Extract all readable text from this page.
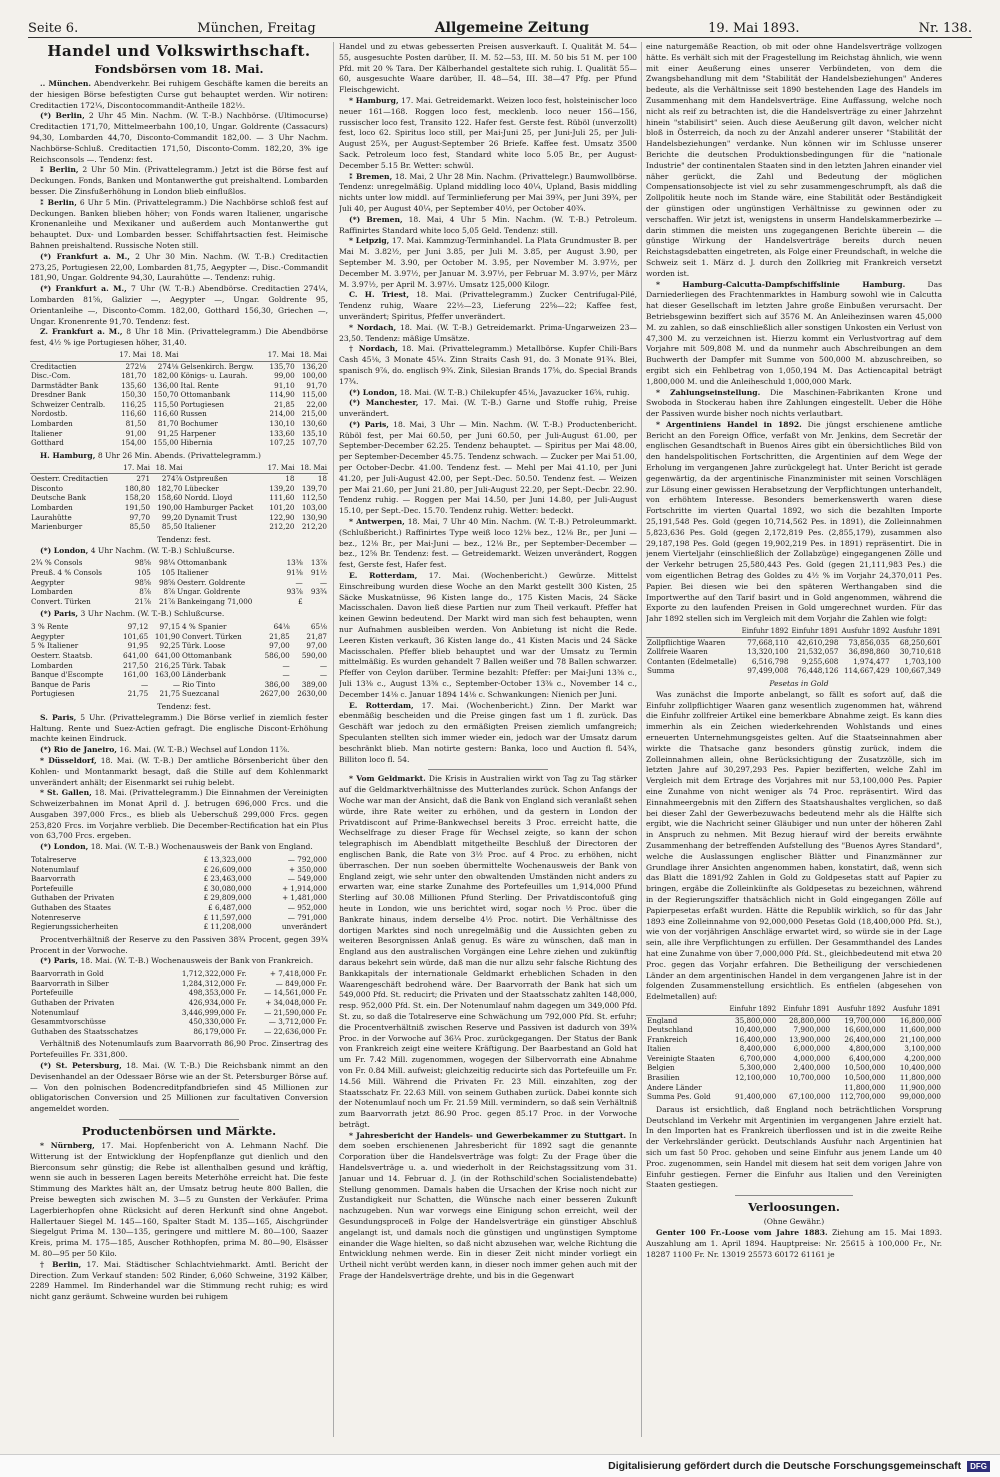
Seite 6.	München, Freitag	Allgemeine Zeitung	19. Mai 1893.	Nr. 138.
Handel und Volkswirthschaft.
Fondsbörsen vom 18. Mai.

.. München. Abendverkehr. Bei ruhigem Geschäfte kamen die bereits an der hiesigen Börse befestigten Curse gut behauptet werden. Wir notiren: Creditactien 172¼, Discontocommandit-Antheile 182½.

(*) Berlin, 2 Uhr 45 Min. Nachm. (W. T.-B.) Nachbörse. (Ultimocurse) Creditactien 171,70, Mittelmeerbahn 100,10, Ungar. Goldrente (Cassacurs) 94,30, Lombarden 44,70, Disconto-Commandit 182,00. — 3 Uhr Nachm. Nachbörse-Schluß. Creditactien 171,50, Disconto-Comm. 182,20, 3% ige Reichsconsols —. Tendenz: fest.

⁑ Berlin, 2 Uhr 50 Min. (Privattelegramm.) Jetzt ist die Börse fest auf Deckungen. Fonds, Banken und Montanwerthe gut preishaltend. Lombarden besser. Die Zinsfußerhöhung in London blieb einflußlos.

⁑ Berlin, 6 Uhr 5 Min. (Privattelegramm.) Die Nachbörse schloß fest auf Deckungen. Banken blieben höher; von Fonds waren Italiener, ungarische Kronenanleihe und Mexikaner und außerdem auch Montanwerthe gut behauptet. Dux- und Lombarden besser. Schiffahrtsactien fest. Heimische Bahnen preishaltend. Russische Noten still.

(*) Frankfurt a. M., 2 Uhr 30 Min. Nachm. (W. T.-B.) Creditactien 273,25, Portugiesen 22,00, Lombarden 81,75, Aegypter —, Disc.-Commandit 181,90, Ungar. Goldrente 94,30, Laurahütte —. Tendenz: ruhig.

(*) Frankfurt a. M., 7 Uhr (W. T.-B.) Abendbörse. Creditactien 274¼, Lombarden 81⅝, Galizier —, Aegypter —, Ungar. Goldrente 95, Orientanleihe —, Disconto-Comm. 182,00, Gotthard 156,30, Griechen —, Ungar. Kronenrente 91,70. Tendenz: fest.

Z. Frankfurt a. M., 8 Uhr 18 Min. (Privattelegramm.) Die Abendbörse fest, 4½ % ige Portugiesen höher, 31,40.

	17. Mai	18. Mai		17. Mai	18. Mai
Creditactien	272⅛	274⅛	Gelsenkirch. Bergw.	135,70	136,20
Disc.-Com.	181,70	182,00	Königs- u. Laurah.	99,00	100,00
Darmstädter Bank	135,60	136,00	Ital. Rente	91,10	91,70
Dresdner Bank	150,30	150,70	Ottomanbank	114,90	115,00
Schweizer Centralb.	116,25	115,50	Portugiesen	21,85	22,00
Nordostb.	116,60	116,60	Russen	214,00	215,00
Lombarden	81,50	81,70	Bochumer	130,10	130,60
Italiener	91,00	91,25	Harpener	133,60	135,10
Gotthard	154,00	155,00	Hibernia	107,25	107,70

H. Hamburg, 8 Uhr 26 Min. Abends. (Privattelegramm.)

	17. Mai	18. Mai		17. Mai	18. Mai
Oesterr. Creditactien	271	274⅞	Ostpreußen	18	18
Disconto	180,80	182,70	Lübecker	139,20	139,70
Deutsche Bank	158,20	158,60	Nordd. Lloyd	111,60	112,50
Lombarden	191,50	190,00	Hamburger Packet	101,20	103,00
Laurahütte	97,70	99,20	Dynamit Trust	122,90	130,90
Marienburger	85,50	85,50	Italiener	212,20	212,20

Tendenz: fest.

(*) London, 4 Uhr Nachm. (W. T.-B.) Schlußcurse.

2¾ % Consols	98⅝	98¼	Ottomanbank	13⅜	13⅞
Preuß. 4 % Consols	105	105	Italiener	91⅜	91½
Aegypter	98⅝	98⅝	Oesterr. Goldrente	—	—
Lombarden	8⅞	8⅞	Ungar. Goldrente	93⅞	93¾
Convert. Türken	21⅞	21⅞	Bankeingang 71,000	£	

(*) Paris, 3 Uhr Nachm. (W. T.-B.) Schlußcurse.

3 % Rente	97,12	97,15	4 % Spanier	64⅛	65⅛
Aegypter	101,65	101,90	Convert. Türken	21,85	21,87
5 % Italiener	91,95	92,25	Türk. Loose	97,00	97,00
Oesterr. Staatsb.	641,00	641,00	Ottomanbank	586,00	590,00
Lombarden	217,50	216,25	Türk. Tabak	—	—
Banque d'Escompte	161,00	163,00	Länderbank	—	—
Banque de Paris	—	—	Rio Tinto	386,00	389,00
Portugiesen	21,75	21,75	Suezcanal	2627,00	2630,00

Tendenz: fest.

S. Paris, 5 Uhr. (Privattelegramm.) Die Börse verlief in ziemlich fester Haltung. Rente und Suez-Actien gefragt. Die englische Discont-Erhöhung machte keinen Eindruck.

(*) Rio de Janeiro, 16. Mai. (W. T.-B.) Wechsel auf London 11⅞.

* Düsseldorf, 18. Mai. (W. T.-B.) Der amtliche Börsenbericht über den Kohlen- und Montanmarkt besagt, daß die Stille auf dem Kohlenmarkt unverändert anhält; der Eisenmarkt sei ruhig belebt.

* St. Gallen, 18. Mai. (Privattelegramm.) Die Einnahmen der Vereinigten Schweizerbahnen im Monat April d. J. betrugen 696,000 Frcs. und die Ausgaben 397,000 Frcs., es blieb als Ueberschuß 299,000 Frcs. gegen 253,820 Frcs. im Vorjahre verblieb. Die December-Rectification hat ein Plus von 63,700 Frcs. ergeben.

(*) London, 18. Mai. (W. T.-B.) Wochenausweis der Bank von England.

Totalreserve	£ 13,323,000	— 792,000
Notenumlauf	£ 26,609,000	+ 350,000
Baarvorrath	£ 23,463,000	— 549,000
Portefeuille	£ 30,080,000	+ 1,914,000
Guthaben der Privaten	£ 29,809,000	+ 1,481,000
Guthaben des Staates	£ 6,487,000	— 952,000
Notenreserve	£ 11,597,000	— 791,000
Regierungssicherheiten	£ 11,208,000	unverändert

Procentverhältniß der Reserve zu den Passiven 38¾ Procent, gegen 39¾ Procent in der Vorwoche.

(*) Paris, 18. Mai. (W. T.-B.) Wochenausweis der Bank von Frankreich.

Baarvorrath in Gold	1,712,322,000 Fr.	+ 7,418,000 Fr.
Baarvorrath in Silber	1,284,312,000 Fr.	— 849,000 Fr.
Portefeuille	498,353,000 Fr.	— 14,561,000 Fr.
Guthaben der Privaten	426,934,000 Fr.	+ 34,048,000 Fr.
Notenumlauf	3,446,999,000 Fr.	— 21,590,000 Fr.
Gesammtvorschüsse	450,330,000 Fr.	— 3,712,000 Fr.
Guthaben des Staatsschatzes	86,179,000 Fr.	— 22,636,000 Fr.

Verhältniß des Notenumlaufs zum Baarvorrath 86,90 Proc. Zinsertrag des Portefeuilles Fr. 331,800.

(*) St. Petersburg, 18. Mai. (W. T.-B.) Die Reichsbank nimmt an den Devisenhandel an der Odessaer Börse wie an der St. Petersburger Börse auf. — Von den polnischen Bodencreditpfandbriefen sind 45 Millionen zur obligatorischen Conversion und 25 Millionen zur facultativen Conversion angemeldet worden.

Productenbörsen und Märkte.

* Nürnberg, 17. Mai. Hopfenbericht von A. Lehmann Nachf. Die Witterung ist der Entwicklung der Hopfenpflanze gut dienlich und den Bierconsum sehr günstig; die Rebe ist allenthalben gesund und kräftig, wenn sie auch in besseren Lagen bereits Meterhöhe erreicht hat. Die feste Stimmung des Marktes hält an, der Umsatz betrug heute 800 Ballen, die Preise bewegten sich zwischen M. 3—5 zu Gunsten der Verkäufer. Prima Lagerbierhopfen ohne Rücksicht auf deren Herkunft sind ohne Angebot. Hallertauer Siegel M. 145—160, Spalter Stadt M. 135—165, Aischgründer Siegelgut Prima M. 130—135, geringere und mittlere M. 80—100, Saazer Kreis, prima M. 175—185, Auscher Rothhopfen, prima M. 80—90, Elsässer M. 80—95 per 50 Kilo.

† Berlin, 17. Mai. Städtischer Schlachtviehmarkt. Amtl. Bericht der Direction. Zum Verkauf standen: 502 Rinder, 6,060 Schweine, 3192 Kälber, 2289 Hammel. Im Rinderhandel war die Stimmung recht ruhig; es wird nicht ganz geräumt. Schweine wurden bei ruhigem

Handel und zu etwas gebesserten Preisen ausverkauft. I. Qualität M. 54—55, ausgesuchte Posten darüber, II. M. 52—53, III. M. 50 bis 51 M. per 100 Pfd. mit 20 % Tara. Der Kälberhandel gestaltete sich ruhig. I. Qualität 55—60, ausgesuchte Waare darüber, II. 48—54, III. 38—47 Pfg. per Pfund Fleischgewicht.

* Hamburg, 17. Mai. Getreidemarkt. Weizen loco fest, holsteinischer loco neuer 161—168. Roggen loco fest, mecklenb. loco neuer 156—156, russischer loco fest, Transito 122. Hafer fest. Gerste fest. Rüböl (unverzollt) fest, loco 62. Spiritus loco still, per Mai-Juni 25, per Juni-Juli 25, per Juli-August 25¾, per August-September 26 Briefe. Kaffee fest. Umsatz 3500 Sack. Petroleum loco fest, Standard white loco 5.05 Br., per August-December 5.15 Br. Wetter: schwül.

⁑ Bremen, 18. Mai, 2 Uhr 28 Min. Nachm. (Privattelegr.) Baumwollbörse. Tendenz: unregelmäßig. Upland middling loco 40¼, Upland, Basis middling nichts unter low middl. auf Terminlieferung per Mai 39¾, per Juni 39¾, per Juli 40, per August 40¼, per September 40½, per October 40¾.

(*) Bremen, 18. Mai, 4 Uhr 5 Min. Nachm. (W. T.-B.) Petroleum. Raffinirtes Standard white loco 5,05 Geld. Tendenz: still.

* Leipzig, 17. Mai. Kammzug-Terminhandel. La Plata Grundmuster B. per Mai M. 3.82½, per Juni 3.85, per Juli M. 3.85, per August 3.90, per September M. 3.90, per October M. 3.95, per November M. 3.97½, per December M. 3.97½, per Januar M. 3.97½, per Februar M. 3.97½, per März M. 3.97½, per April M. 3.97½. Umsatz 125,000 Kilogr.

C. H. Triest, 18. Mai. (Privattelegramm.) Zucker Centrifugal-Pilé, Tendenz ruhig, Waare 22½—23, Lieferung 22⅝—22; Kaffee fest, unverändert; Spiritus, Pfeffer unverändert.

* Nordach, 18. Mai. (W. T.-B.) Getreidemarkt. Prima-Ungarweizen 23—23,50. Tendenz: mäßige Umsätze.

† Nordach, 18. Mai. (Privattelegramm.) Metallbörse. Kupfer Chili-Bars Cash 45⅛, 3 Monate 45¼. Zinn Straits Cash 91, do. 3 Monate 91¾. Blei, spanisch 9⅞, do. englisch 9¾. Zink, Silesian Brands 17⅝, do. Special Brands 17¾.

(*) London, 18. Mai. (W. T.-B.) Chilekupfer 45⅛, Javazucker 16⅝, ruhig.

(*) Manchester, 17. Mai. (W. T.-B.) Garne und Stoffe ruhig, Preise unverändert.

(*) Paris, 18. Mai, 3 Uhr — Min. Nachm. (W. T.-B.) Productenbericht. Rüböl fest, per Mai 60.50, per Juni 60.50, per Juli-August 61.00, per September-December 62.25. Tendenz behauptet. — Spiritus per Mai 48.00, per September-December 45.75. Tendenz schwach. — Zucker per Mai 51.00, per October-Decbr. 41.00. Tendenz fest. — Mehl per Mai 41.10, per Juni 41.20, per Juli-August 42.00, per Sept.-Dec. 50.50. Tendenz fest. — Weizen per Mai 21.60, per Juni 21.80, per Juli-August 22.20, per Sept.-Decbr. 22.90. Tendenz ruhig. — Roggen per Mai 14.50, per Juni 14.80, per Juli-August 15.10, per Sept.-Dec. 15.70. Tendenz ruhig. Wetter: bedeckt.

* Antwerpen, 18. Mai, 7 Uhr 40 Min. Nachm. (W. T.-B.) Petroleummarkt. (Schlußbericht.) Raffinirtes Type weiß loco 12⅛ bez., 12⅛ Br., per Juni — bez., 12⅛ Br., per Mai-Juni — bez., 12⅛ Br., per September-December — bez., 12⅝ Br. Tendenz: fest. — Getreidemarkt. Weizen unverändert, Roggen fest, Gerste fest, Hafer fest.

E. Rotterdam, 17. Mai. (Wochenbericht.) Gewürze. Mittelst Einschreibung wurden diese Woche an den Markt gestellt 300 Kisten, 25 Säcke Muskatnüsse, 96 Kisten lange do., 175 Kisten Macis, 24 Säcke Macisschalen. Davon ließ diese Partien nur zum Theil verkauft. Pfeffer hat keinen Gewinn bedeutend. Der Markt wird man sich fest behaupten, wenn nur Aufnahmen ausbleiben werden. Von Anbietung ist nicht die Rede. Leeren Kisten verkauft, 36 Kisten lange do., 41 Kisten Macis und 24 Säcke Macisschalen. Pfeffer blieb behauptet und war der Umsatz zu Termin mittelmäßig. Es wurden gehandelt 7 Ballen weißer und 78 Ballen schwarzer. Pfeffer von Ceylon darüber. Termine bezahlt: Pfeffer: per Mai-Juni 13⅜ c., Juli 13⅜ c., August 13⅜ c., September-October 13⅜ c., November 14 c., December 14⅛ c. Januar 1894 14⅛ c. Schwankungen: Nienich per Juni.

E. Rotterdam, 17. Mai. (Wochenbericht.) Zinn. Der Markt war ebenmäßig bescheiden und die Preise gingen fast um 1 fl. zurück. Das Geschäft war jedoch zu den ermäßigten Preisen ziemlich umfangreich; Speculanten stellten sich immer wieder ein, jedoch war der Umsatz darum beschränkt blieb. Man notirte gestern: Banka, loco und Auction fl. 54¾, Billiton loco fl. 54.

* Vom Geldmarkt. Die Krisis in Australien wirkt von Tag zu Tag stärker auf die Geldmarktverhältnisse des Mutterlandes zurück. Schon Anfangs der Woche war man der Ansicht, daß die Bank von England sich veranlaßt sehen würde, ihre Rate weiter zu erhöhen, und da gestern in London der Privatdiscont auf Prime-Bankwechsel bereits 3 Proc. erreicht hatte, die Wechselfrage zu dieser Frage für Wechsel zeigte, so kann der schon telegraphisch im Abendblatt mitgetheilte Beschluß der Directoren der englischen Bank, die Rate von 3½ Proc. auf 4 Proc. zu erhöhen, nicht überraschen. Der nun soeben übermittelte Wochenausweis der Bank von England zeigt, wie sehr unter den obwaltenden Umständen nicht anders zu erwarten war, eine starke Zunahme des Portefeuilles um 1,914,000 Pfund Sterling auf 30.08 Millionen Pfund Sterling. Der Privatdiscontofuß ging heute in London, wie uns berichtet wird, sogar noch ½ Proc. über die Bankrate hinaus, indem derselbe 4½ Proc. notirt. Die Verhältnisse des dortigen Marktes sind noch unregelmäßig und die Aussichten geben zu weiteren Besorgnissen Anlaß genug. Es wäre zu wünschen, daß man in England aus den australischen Vorgängen eine Lehre ziehen und zukünftig daraus bekehrt sein würde, daß man die nur allzu sehr falsche Richtung des Bankkapitals der internationale Geldmarkt erheblichen Schaden in den Waarengeschäft bedrohend wäre. Der Baarvorrath der Bank hat sich um 549,000 Pfd. St. reducirt; die Privaten und der Staatsschatz zahlten 148,000, resp. 952,000 Pfd. St. ein. Der Notenumlauf nahm dagegen um 349,000 Pfd. St. zu, so daß die Totalreserve eine Schwächung um 792,000 Pfd. St. erfuhr; die Procentverhältniß zwischen Reserve und Passiven ist dadurch von 39¾ Proc. in der Vorwoche auf 36¼ Proc. zurückgegangen. Der Status der Bank von Frankreich zeigt eine weitere Kräftigung. Der Baarbestand an Gold hat um Fr. 7.42 Mill. zugenommen, wogegen der Silbervorrath eine Abnahme von Fr. 0.84 Mill. aufweist; gleichzeitig reducirte sich das Portefeuille um Fr. 14.56 Mill. Während die Privaten Fr. 23 Mill. einzahlten, zog der Staatsschatz Fr. 22.63 Mill. von seinem Guthaben zurück. Dabei konnte sich der Notenumlauf noch um Fr. 21.59 Mill. vermindern, so daß sein Verhältniß zum Baarvorrath jetzt 86.90 Proc. gegen 85.17 Proc. in der Vorwoche beträgt.

* Jahresbericht der Handels- und Gewerbekammer zu Stuttgart. In dem soeben erschienenen Jahresbericht für 1892 sagt die genannte Corporation über die Handelsverträge was folgt: Zu der Frage über die Handelsverträge u. a. und wiederholt in der Reichstagssitzung vom 31. Januar und 14. Februar d. J. (in der Rothschild'schen Socialistendebatte) Stellung genommen. Damals haben die Ursachen der Krise noch nicht zur Zustandigkeit nur Schatten, die Wünsche nach einer besseren Zukunft nachzugeben. Nun war vorwegs eine Einigung schon erreicht, weil der Gesundungsproceß in Folge der Handelsverträge ein günstiger Abschluß angelangt ist, und damals noch die günstigen und ungünstigen Symptome einander die Wage hielten, so daß nicht abzusehen war, welche Richtung die Entwicklung nehmen werde. Ein in dieser Zeit nicht minder vorliegt ein Urtheil nicht verübt werden kann, in dieser noch immer gehen auch mit der Frage der Handelsverträge drehte, und bis in die Gegenwart

eine naturgemäße Reaction, ob mit oder ohne Handelsverträge vollzogen hätte. Es verhält sich mit der Fragestellung im Reichstag ähnlich, wie wenn mit einer Aeußerung eines unserer Verbündeten, von dem die Zwangsbehandlung mit dem "Stabilität der Handelsbeziehungen" Anderes bedeute, als die Verhältnisse seit 1890 bestehenden Lage des Handels im Zusammenhang mit dem Handelsverträge. Eine Auffassung, welche noch nicht als reif zu betrachten ist, die die Handelsverträge zu einer Jahrzehnt hinein "stabilisirt" seien. Auch diese Aeußerung gilt davon, welcher nicht bloß in Österreich, da noch zu der Anzahl anderer unserer "Stabilität der Handelsbeziehungen" verdanke. Nun können wir im Schlusse unserer Berichte die deutschen Produktionsbedingungen für die "nationale Industrie" der continentalen Staaten sind in den letzten Jahren einander viel näher gerückt, die Zahl und Bedeutung der möglichen Compensationsobjecte ist viel zu sehr zusammengeschrumpft, als daß die Zollpolitik heute noch im Stande wäre, eine Stabilität oder Beständigkeit der günstigen oder ungünstigen Verhältnisse zu gewinnen oder zu verschaffen. Wir jetzt ist, wenigstens in unserm Handelskammerbezirke — darin stimmen die meisten uns zugegangenen Berichte überein — die günstige Wirkung der Handelsverträge bereits durch neuen Reichstagsdebatten eingetreten, als Folge einer Freundschaft, in welche die Schweiz seit 1. März d. J. durch den Zollkrieg mit Frankreich versetzt worden ist.

* Hamburg-Calcutta-Dampfschiffslinie Hamburg.	Das Darniederliegen des Frachtenmarktes in Hamburg sowohl wie in Calcutta hat dieser Gesellschaft im letzten Jahre große Einbußen verursacht. Der Betriebsgewinn beziffert sich auf 3576 M. An Anleihezinsen waren 45,000 M. zu zahlen, so daß einschließlich aller sonstigen Unkosten ein Verlust von 47,300 M. zu verzeichnen ist. Hierzu kommt ein Verlustvortrag auf dem Vorjahre mit 509,808 M. und da nunmehr auch Abschreibungen an dem Buchwerth der Dampfer mit Summe von 500,000 M. abzuschreiben, so ergibt sich ein Fehlbetrag von 1,050,194 M. Das Actiencapital beträgt 1,800,000 M. und die Anleiheschuld 1,000,000 Mark.

* Zahlungseinstellung. Die Maschinen-Fabrikanten Krone und Swoboda in Stockerau haben ihre Zahlungen eingestellt. Ueber die Höhe der Passiven wurde bisher noch nichts verlautbart.

* Argentiniens Handel in 1892. Die jüngst erschienene amtliche Bericht an den Foreign Office, verfaßt von Mr. Jenkins, dem Secretär der englischen Gesandtschaft in Buenos Aires gibt ein übersichtliches Bild von den handelspolitischen Fortschritten, die Argentinien auf dem Wege der Erholung im vergangenen Jahre zurückgelegt hat. Unter Bericht ist gerade gegenwärtig, da der argentinische Finanzminister mit seinen Vorschlägen zur Lösung einer gewissen Herabsetzung der Verpflichtungen unterhandelt, von erhöhtem Interesse. Besonders bemerkenswerth waren diese Fortschritte im vierten Quartal 1892, wo sich die bezahlten Importe 25,191,548 Pes. Gold (gegen 10,714,562 Pes. in 1891), die Zolleinnahmen 5,823,636 Pes. Gold (gegen 2,172,819 Pes. (2,855,179), zusammen also 29,187,198 Pes. Gold (gegen 19,902,219 Pes. in 1891) repräsentirt. Die in jenem Vierteljahr (einschließlich der Zollabzüge) eingegangenen Zölle und der Verkehr betrugen 25,580,443 Pes. Gold (gegen 21,111,983 Pes.) die vom eigentlichen Betrag des Goldes zu 4½ % im Vorjahr 24,370,011 Pes. Papier. Bei diesen wie bei den späteren Werthangaben sind die Importwerthe auf den Tarif basirt und in Gold angenommen, während die Exporte zu den laufenden Preisen in Gold umgerechnet wurden. Für das Jahr 1892 stellen sich im Vergleich mit dem Vorjahr die Zahlen wie folgt:

	Einfuhr 1892	Einfuhr 1891	Ausfuhr 1892	Ausfuhr 1891
Zollpflichtige Waaren	77,668,110	42,610,298	73,856,035	68,250,601
Zollfreie Waaren	13,320,100	21,532,057	36,898,860	30,710,618
Contanten (Edelmetalle)	6,516,798	9,255,608	1,974,477	1,703,100
Summa	97,499,008	76,448,126	114,667,429	100,667,349

Pesetas in Gold

Was zunächst die Importe anbelangt, so fällt es sofort auf, daß die Einfuhr zollpflichtiger Waaren ganz wesentlich zugenommen hat, während die Einfuhr zollfreier Artikel eine bemerkbare Abnahme zeigt. Es kann dies immerhin als ein Zeichen wiederkehrenden Wohlstands und eines erneuerten Unternehmungsgeistes gelten. Auf die Staatseinnahmen aber wirkte die Thatsache ganz besonders günstig zurück, indem die Zolleinnahmen allein, ohne Berücksichtigung der Zusatzzölle, sich im letzten Jahre auf 30,297,293 Pes. Papier bezifferten, welche Zahl im Vergleich mit dem Ertrage des Vorjahres mit nur 53,100,000 Pes. Papier eine Zunahme von nicht weniger als 74 Proc. repräsentirt. Wird das Einnahmeergebnis mit den Ziffern des Staatshaushaltes verglichen, so daß bei dieser Zahl der Gewerbezuwachs bedeutend mehr als die Hälfte sich ergibt, wie die Nachricht seiner Gläubiger und nun unter der höheren Zahl in Anspruch zu nehmen. Mit Bezug hierauf wird der bereits erwähnte Zusammenhang der betreffenden Aufstellung des "Buenos Ayres Standard", welche die Auslassungen englischer Blätter und Finanzmänner zur Grundlage ihrer Ansichten angenommen haben, konstatirt, daß, wenn sich das Blatt die 1891/92 Zahlen in Gold zu Goldpesetas statt auf Papier zu bringen, ergäbe die Zolleinkünfte als Goldpesetas zu bezeichnen, während in der Regierungsziffer thatsächlich nicht in Gold eingegangen Zölle auf Papierpesetas erfaßt wurden. Hätte die Republik wirklich, so für das Jahr 1893 eine Zolleinnahme von 92,000,000 Pesetas Gold (18,400,000 Pfd. St.), wie von der vorjährigen Anschläge erwartet wird, so würde sie in der Lage sein, alle ihre Verpflichtungen zu erfüllen. Der Gesammthandel des Landes hat eine Zunahme von über 7,000,000 Pfd. St., gleichbedeutend mit etwa 20 Proc. gegen das Vorjahr erfahren. Die Betheiligung der verschiedenen Länder an dem argentinischen Handel in dem vergangenen Jahre ist in der folgenden Zusammenstellung ersichtlich. Es entfielen (abgesehen von Edelmetallen) auf:

	Einfuhr 1892	Einfuhr 1891	Ausfuhr 1892	Ausfuhr 1891
England	35,800,000	28,800,000	19,700,000	16,800,000
Deutschland	10,400,000	7,900,000	16,600,000	11,600,000
Frankreich	16,400,000	13,900,000	26,400,000	21,100,000
Italien	8,400,000	6,000,000	4,800,000	3,100,000
Vereinigte Staaten	6,700,000	4,000,000	6,400,000	4,200,000
Belgien	5,300,000	2,400,000	10,500,000	10,400,000
Brasilien	12,100,000	10,700,000	10,500,000	11,800,000
Andere Länder			11,800,000	11,900,000
Summa Pes. Gold	91,400,000	67,100,000	112,700,000	99,000,000

Daraus ist ersichtlich, daß England noch beträchtlichen Vorsprung Deutschland im Verkehr mit Argentinien im vergangenen Jahre erzielt hat. In den Importen hat es Frankreich überflossen und ist in die zweite Reihe der Verkehrsländer gerückt. Deutschlands Ausfuhr nach Argentinien hat sich um fast 50 Proc. gehoben und seine Einfuhr aus jenem Lande um 40 Proc. zugenommen, sein Handel mit diesem hat seit dem vorigen Jahre von Einfuhr gestiegen. Ferner die Einfuhr aus Italien und den Vereinigten Staaten gestiegen.

Verloosungen.

(Ohne Gewähr.)

Genter 100 Fr.-Loose vom Jahre 1883. Ziehung am 15. Mai 1893. Auszahlung am 1. April 1894. Hauptpreise: Nr. 25615 à 100,000 Fr., Nr. 18287 1100 Fr. Nr. 13019 25573 60172 61161 je

Digitalisierung gefördert durch die Deutsche Forschungsgemeinschaft	DFG
